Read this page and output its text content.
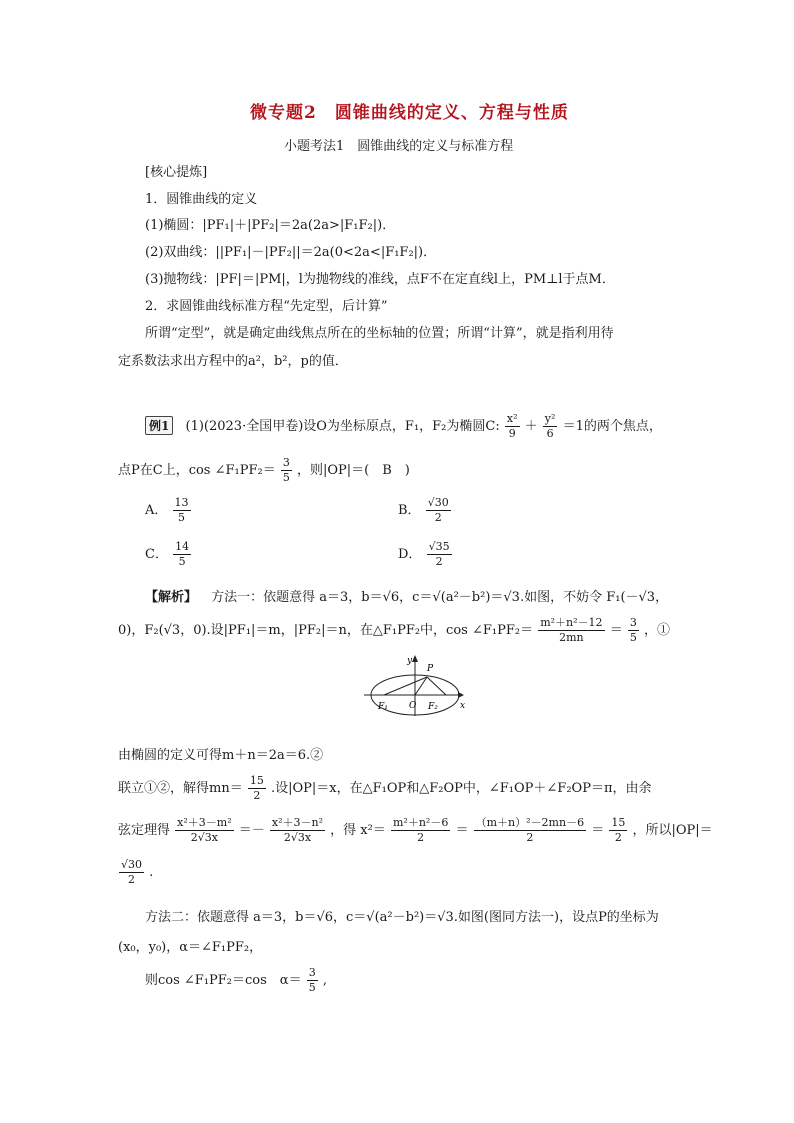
微专题2　圆锥曲线的定义、方程与性质
小题考法1　圆锥曲线的定义与标准方程
[核心提炼]
1．圆锥曲线的定义
(1)椭圆：|PF₁|＋|PF₂|＝2a(2a>|F₁F₂|)．
(2)双曲线：||PF₁|－|PF₂||＝2a(0<2a<|F₁F₂|)．
(3)抛物线：|PF|＝|PM|，l为抛物线的准线，点F不在定直线l上，PM⊥l于点M．
2．求圆锥曲线标准方程“先定型，后计算”
所谓“定型”，就是确定曲线焦点所在的坐标轴的位置；所谓“计算”，就是指利用待
定系数法求出方程中的a²，b²，p的值．
例1 (1)(2023·全国甲卷)设O为坐标原点，F₁，F₂为椭圆C: $\frac{\text{x²}}{9} + \frac{\text{y²}}{6} =1$的两个焦点，
点P在C上，cos ∠F₁PF₂＝ $\frac{3}{5}$ ，则|OP|＝(　B　)
A． $\frac{13}{5}$	B． $\frac{√30}{2}$
C． $\frac{14}{5}$	D． $\frac{√35}{2}$
【解析】 方法一：依题意得 a＝3，b＝√6，c＝√(a²－b²)＝√3.如图，不妨令 F₁(－√3，
0)，F₂(√3，0).设|PF₁|＝m，|PF₂|＝n，在△F₁PF₂中，cos ∠F₁PF₂＝ $\frac{\text{m²＋n²－12}}{2mn} = \frac{3}{5}$ ，①
y
x
P
O
F₁	F₂
由椭圆的定义可得m＋n＝2a＝6.②
联立①②，解得$mn= \frac{15}{2}$ .设|OP|＝x，在△F₁OP和△F₂OP中，∠F₁OP＋∠F₂OP＝π，由余
弦定理得 $\frac{\text{x²＋3－m²}}{2√3x} =- \frac{\text{x²＋3－n²}}{2√3x}$ ，得 $x^2= \frac{\text{m²＋n²－6}}{2} = \frac{\text{（m＋n）²－2mn－6}}{2} = \frac{15}{2}$ ，所以|OP|＝
$\frac{√30}{2}$ .
方法二：依题意得 a＝3，b＝√6，c＝√(a²－b²)＝√3.如图(图同方法一)，设点P的坐标为
(x₀，y₀)，α＝∠F₁PF₂，
则cos ∠F₁PF₂＝cos　$\alpha= \frac{3}{5}$ ,
